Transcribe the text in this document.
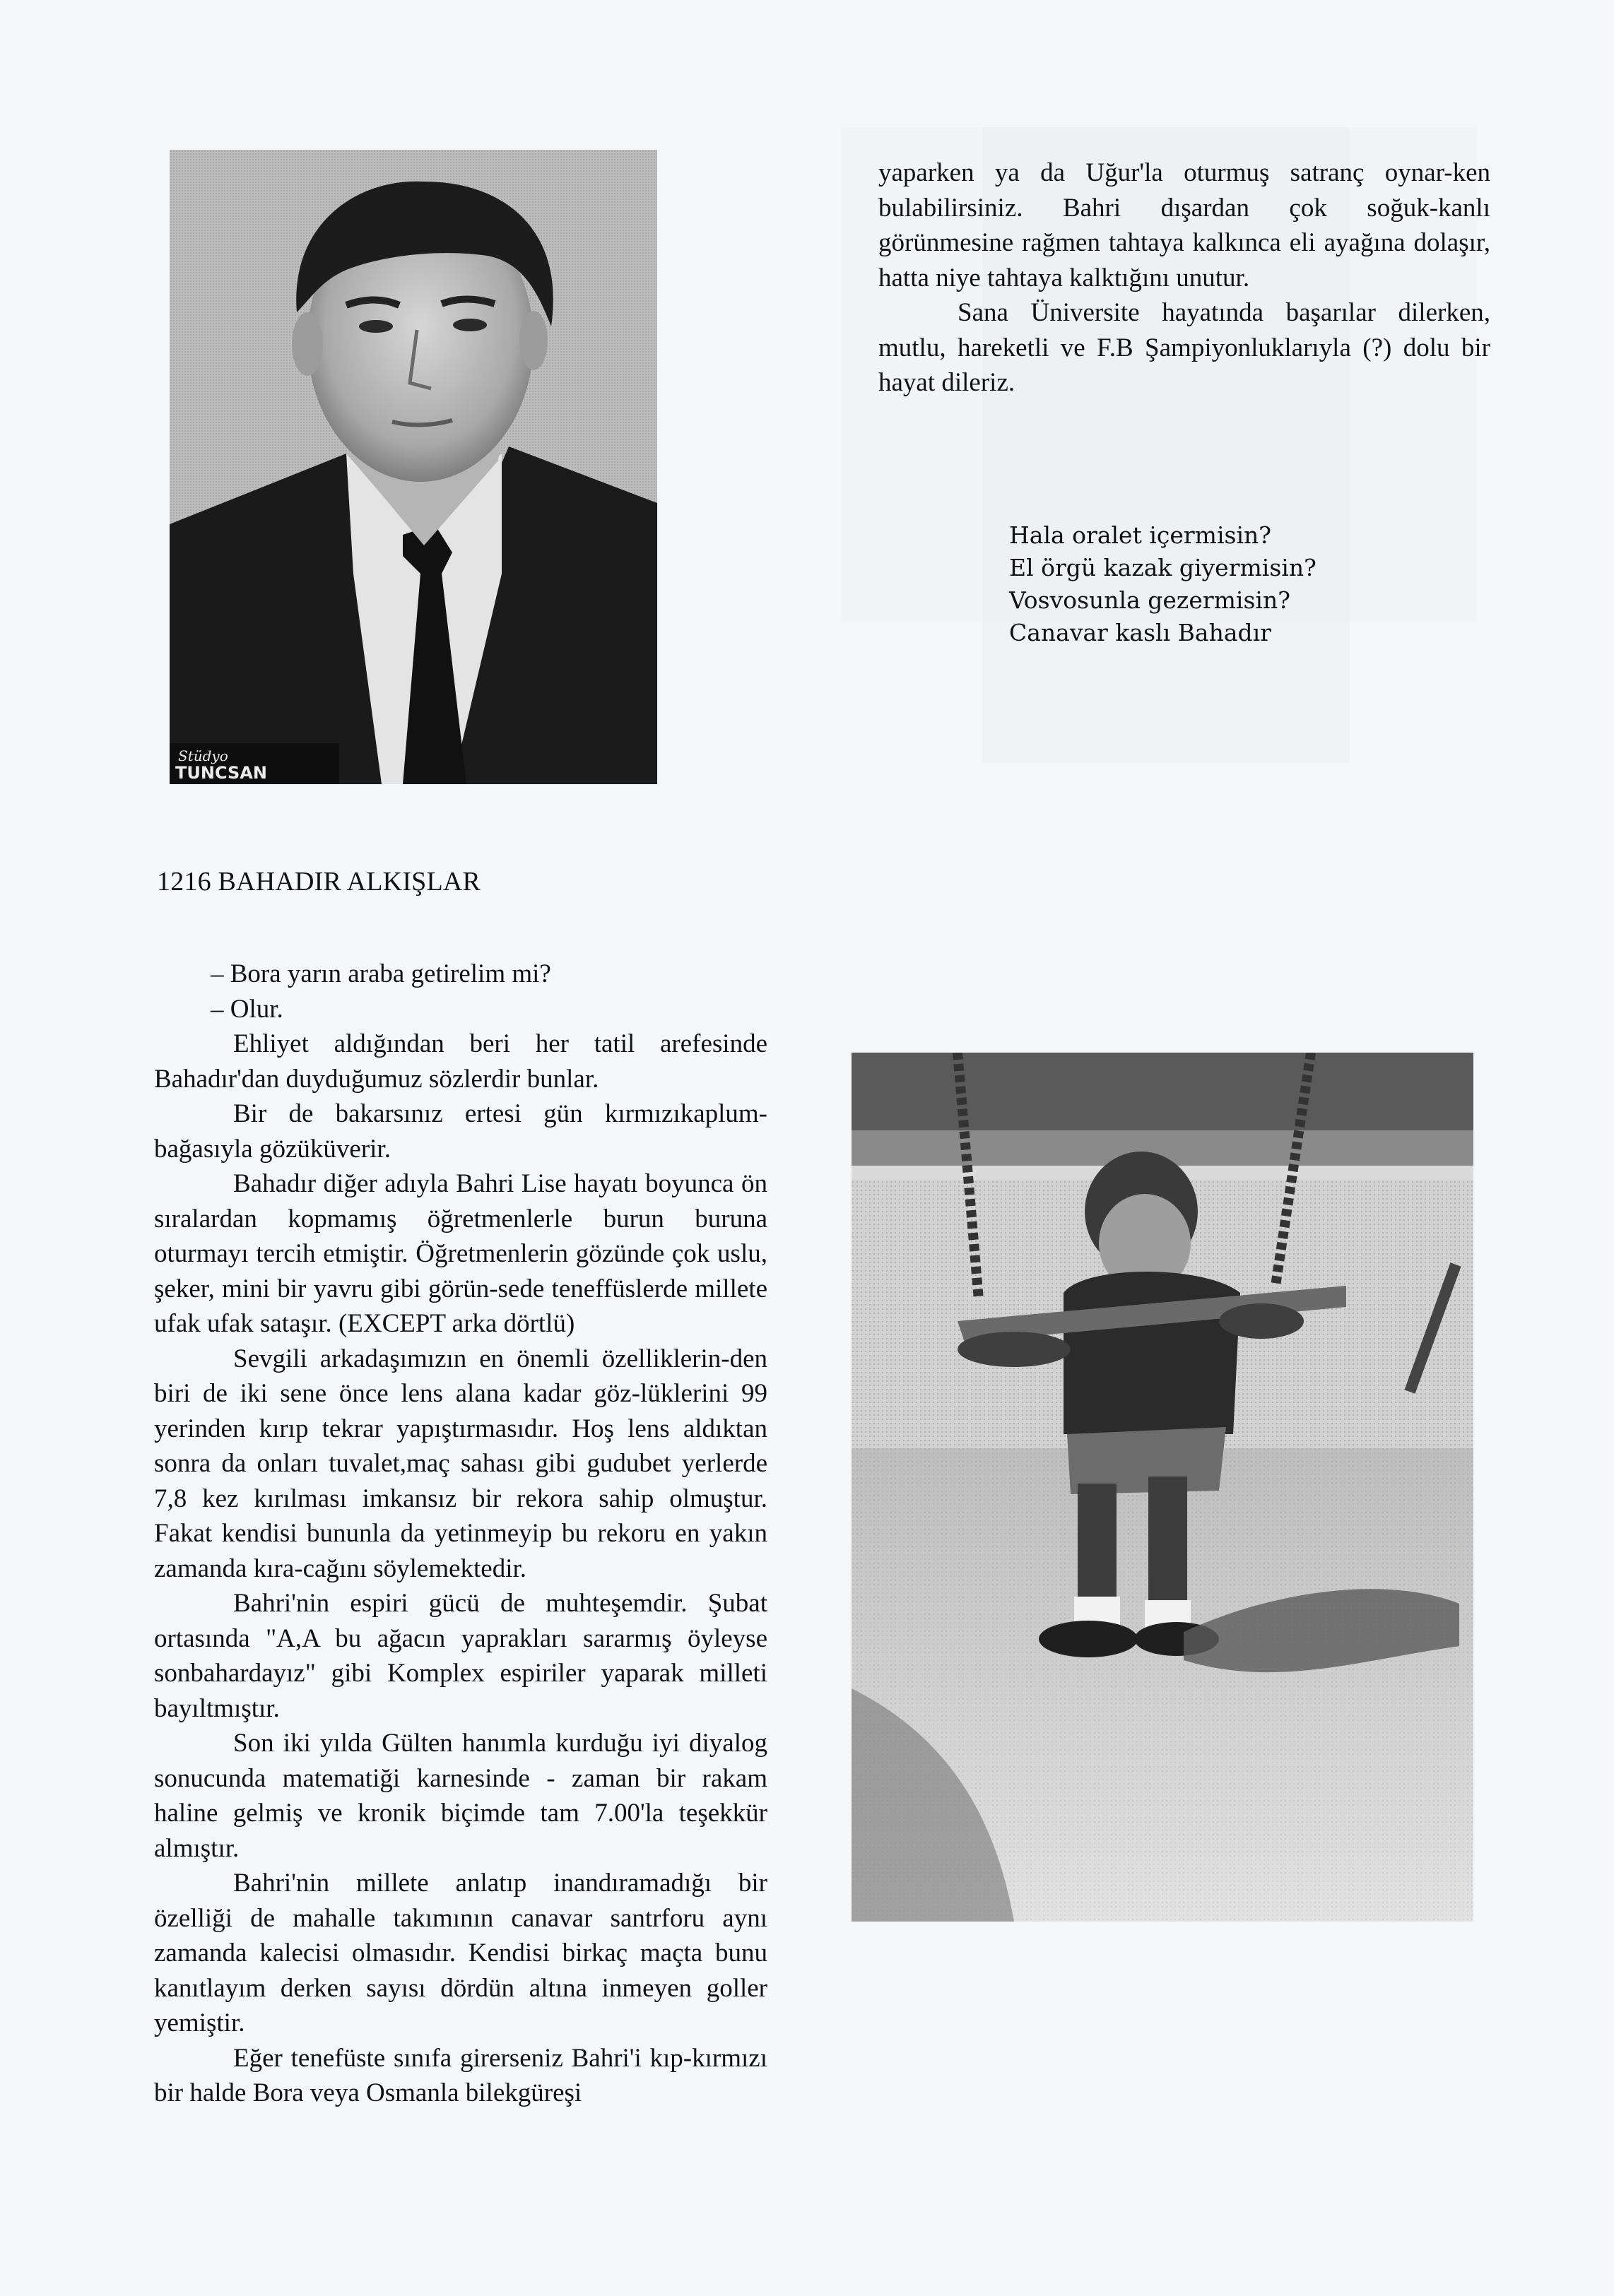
Stüdyo
TUNCSAN
1216 BAHADIR ALKIŞLAR

– Bora yarın araba getirelim mi?

– Olur.

Ehliyet aldığından beri her tatil arefesinde Bahadır'dan duyduğumuz sözlerdir bunlar.

Bir de bakarsınız ertesi gün kırmızıkaplum-bağasıyla gözüküverir.

Bahadır diğer adıyla Bahri Lise hayatı boyunca ön sıralardan kopmamış öğretmenlerle burun buruna oturmayı tercih etmiştir. Öğretmenlerin gözünde çok uslu, şeker, mini bir yavru gibi görün-sede teneffüslerde millete ufak ufak sataşır. (EXCEPT arka dörtlü)

Sevgili arkadaşımızın en önemli özelliklerin-den biri de iki sene önce lens alana kadar göz-lüklerini 99 yerinden kırıp tekrar yapıştırmasıdır. Hoş lens aldıktan sonra da onları tuvalet,maç sahası gibi gudubet yerlerde 7,8 kez kırılması imkansız bir rekora sahip olmuştur. Fakat kendisi bununla da yetinmeyip bu rekoru en yakın zamanda kıra-cağını söylemektedir.

Bahri'nin espiri gücü de muhteşemdir. Şubat ortasında "A,A bu ağacın yaprakları sararmış öyleyse sonbahardayız" gibi Komplex espiriler yaparak milleti bayıltmıştır.

Son iki yılda Gülten hanımla kurduğu iyi diyalog sonucunda matematiği karnesinde - zaman bir rakam haline gelmiş ve kronik biçimde tam 7.00'la teşekkür almıştır.

Bahri'nin millete anlatıp inandıramadığı bir özelliği de mahalle takımının canavar santrforu aynı zamanda kalecisi olmasıdır. Kendisi birkaç maçta bunu kanıtlayım derken sayısı dördün altına inmeyen goller yemiştir.

Eğer tenefüste sınıfa girerseniz Bahri'i kıp-kırmızı bir halde Bora veya Osmanla bilekgüreşi

yaparken ya da Uğur'la oturmuş satranç oynar-ken bulabilirsiniz. Bahri dışardan çok soğuk-kanlı görünmesine rağmen tahtaya kalkınca eli ayağına dolaşır, hatta niye tahtaya kalktığını unutur.

Sana Üniversite hayatında başarılar dilerken, mutlu, hareketli ve F.B Şampiyonluklarıyla (?) dolu bir hayat dileriz.

Hala oralet içermisin?
El örgü kazak giyermisin?
Vosvosunla gezermisin?
Canavar kaslı Bahadır
